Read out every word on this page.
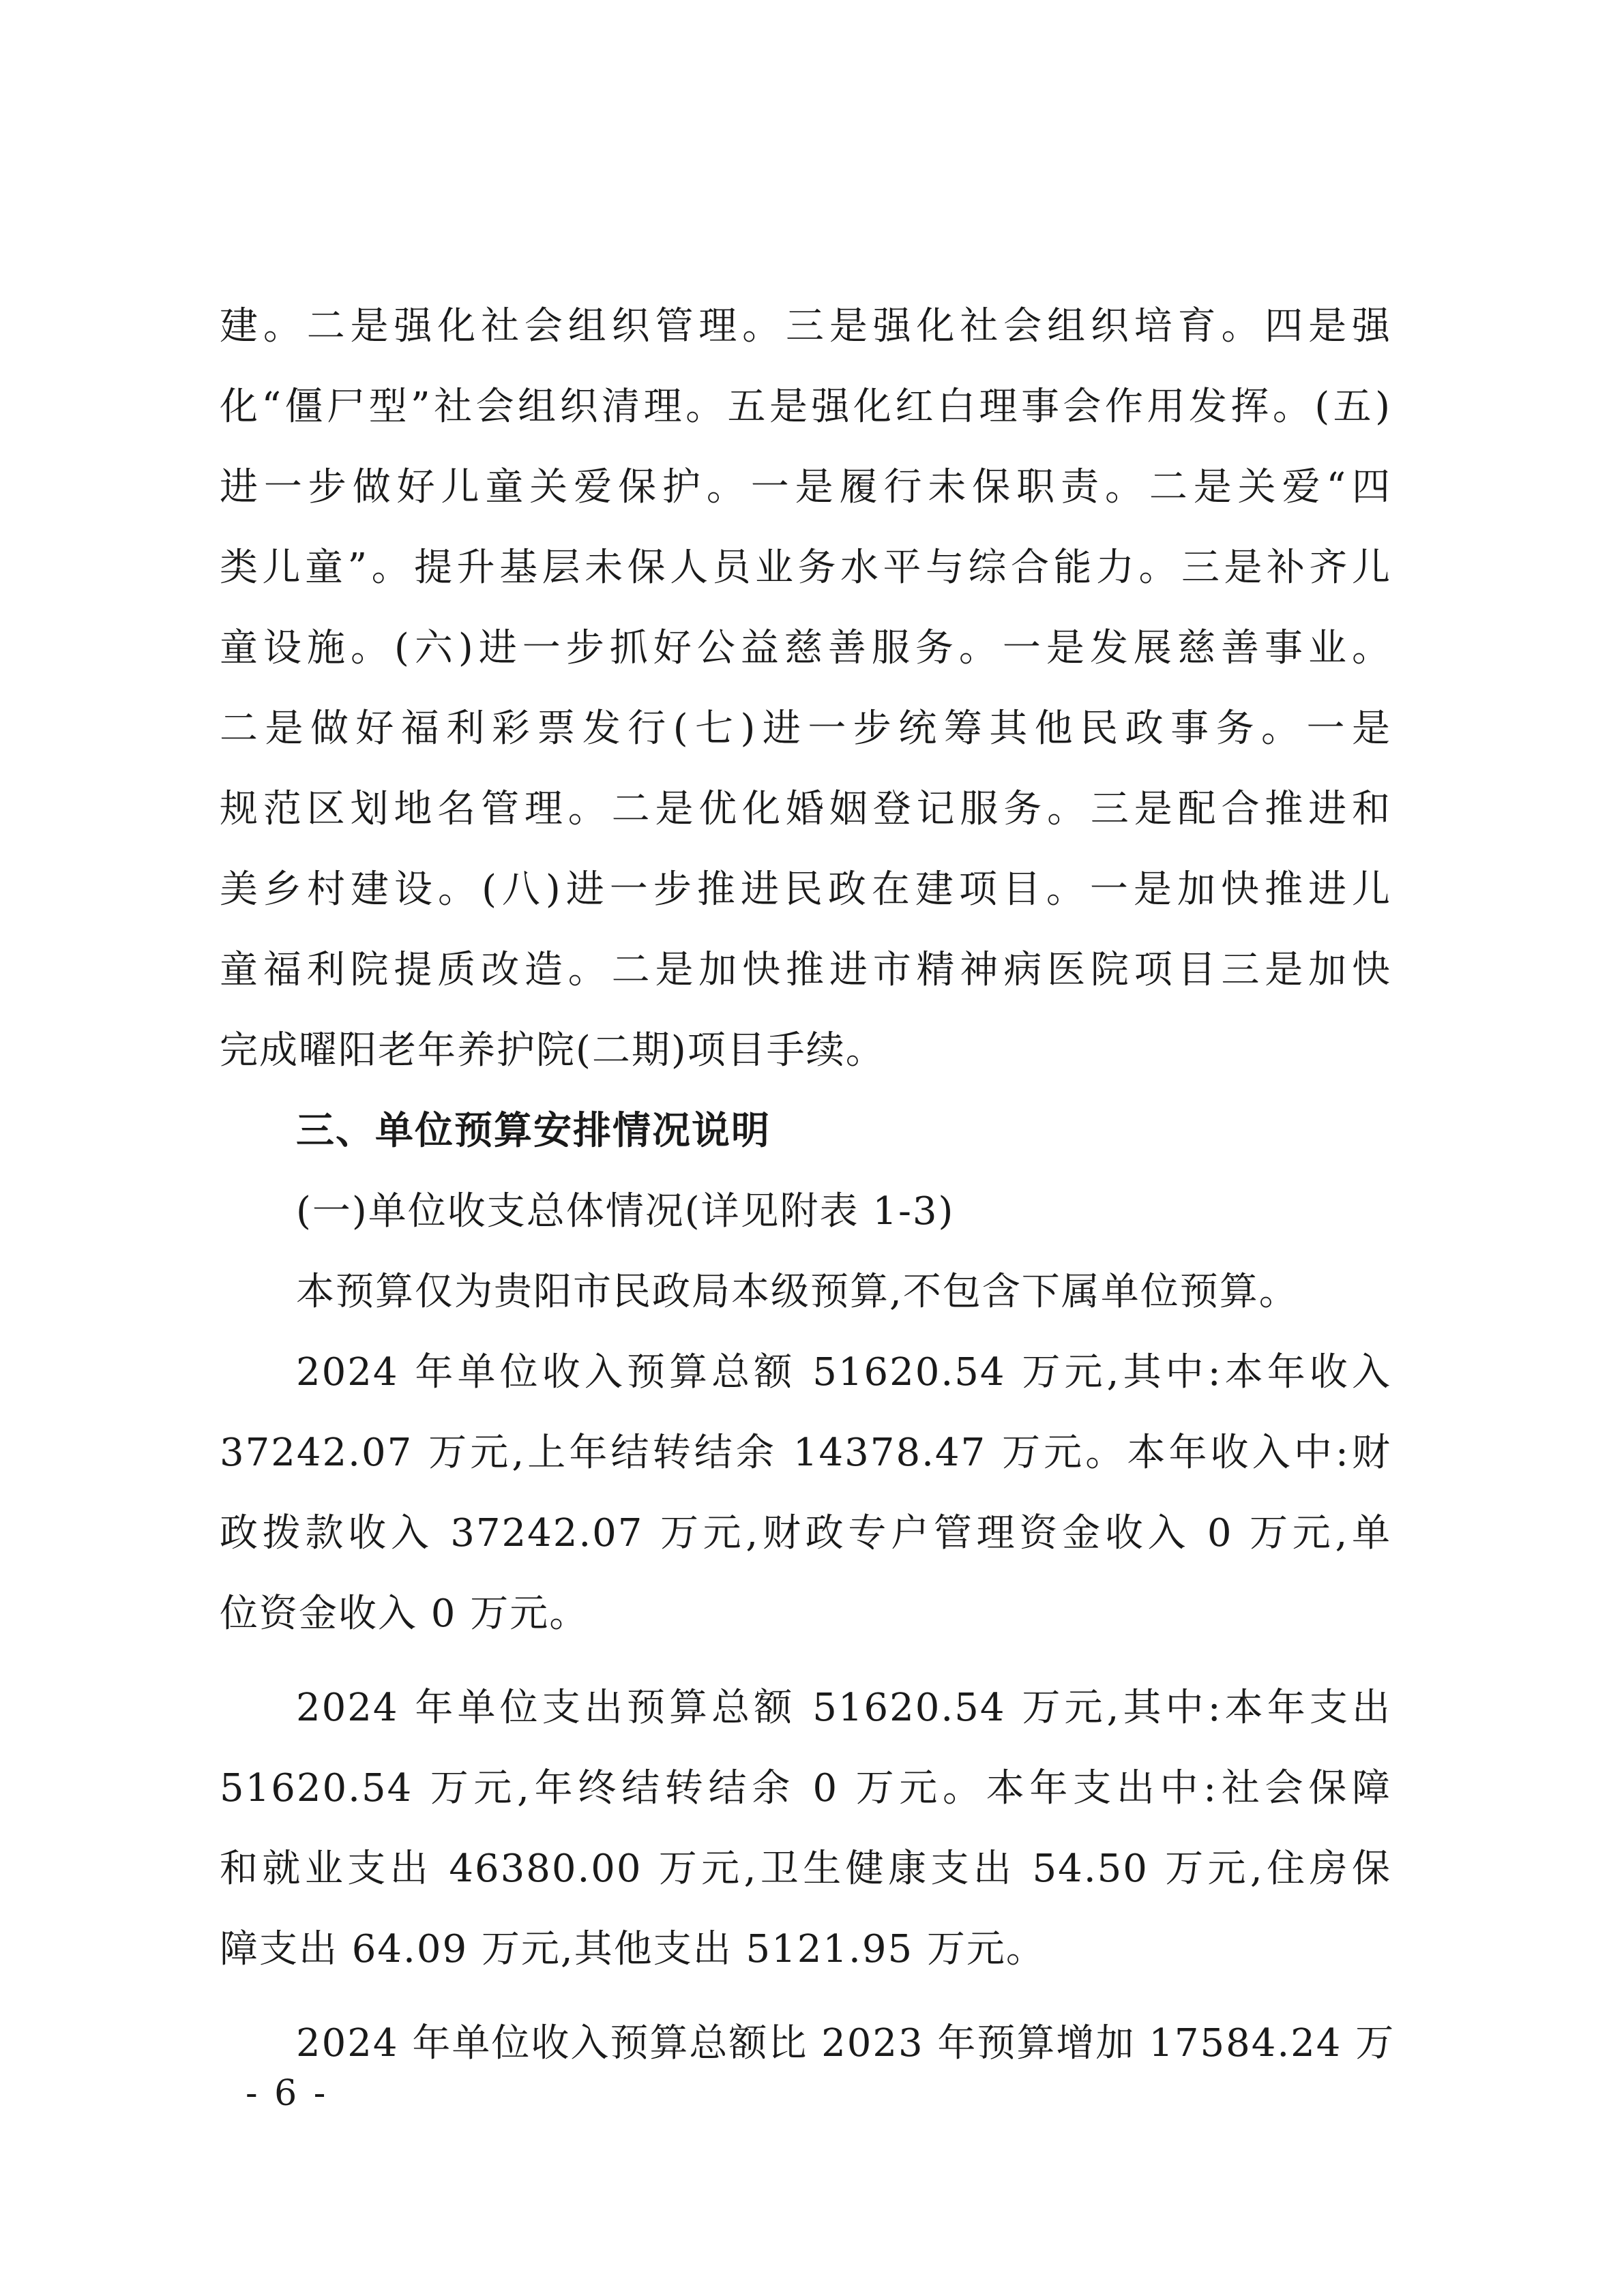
建。二是强化社会组织管理。三是强化社会组织培育。四是强
化“僵尸型”社会组织清理。五是强化红白理事会作用发挥。(五)
进一步做好儿童关爱保护。一是履行未保职责。二是关爱“四
类儿童”。提升基层未保人员业务水平与综合能力。三是补齐儿
童设施。(六)进一步抓好公益慈善服务。一是发展慈善事业。
二是做好福利彩票发行(七)进一步统筹其他民政事务。一是
规范区划地名管理。二是优化婚姻登记服务。三是配合推进和
美乡村建设。(八)进一步推进民政在建项目。一是加快推进儿
童福利院提质改造。二是加快推进市精神病医院项目三是加快
完成曜阳老年养护院(二期)项目手续。
三、单位预算安排情况说明
(一)单位收支总体情况(详见附表 1-3)
本预算仅为贵阳市民政局本级预算,不包含下属单位预算。
2024 年单位收入预算总额 51620.54 万元,其中:本年收入
37242.07 万元,上年结转结余 14378.47 万元。本年收入中:财
政拨款收入 37242.07 万元,财政专户管理资金收入 0 万元,单
位资金收入 0 万元。
2024 年单位支出预算总额 51620.54 万元,其中:本年支出
51620.54 万元,年终结转结余 0 万元。本年支出中:社会保障
和就业支出 46380.00 万元,卫生健康支出 54.50 万元,住房保
障支出 64.09 万元,其他支出 5121.95 万元。
2024 年单位收入预算总额比 2023 年预算增加 17584.24 万
- 6 -
